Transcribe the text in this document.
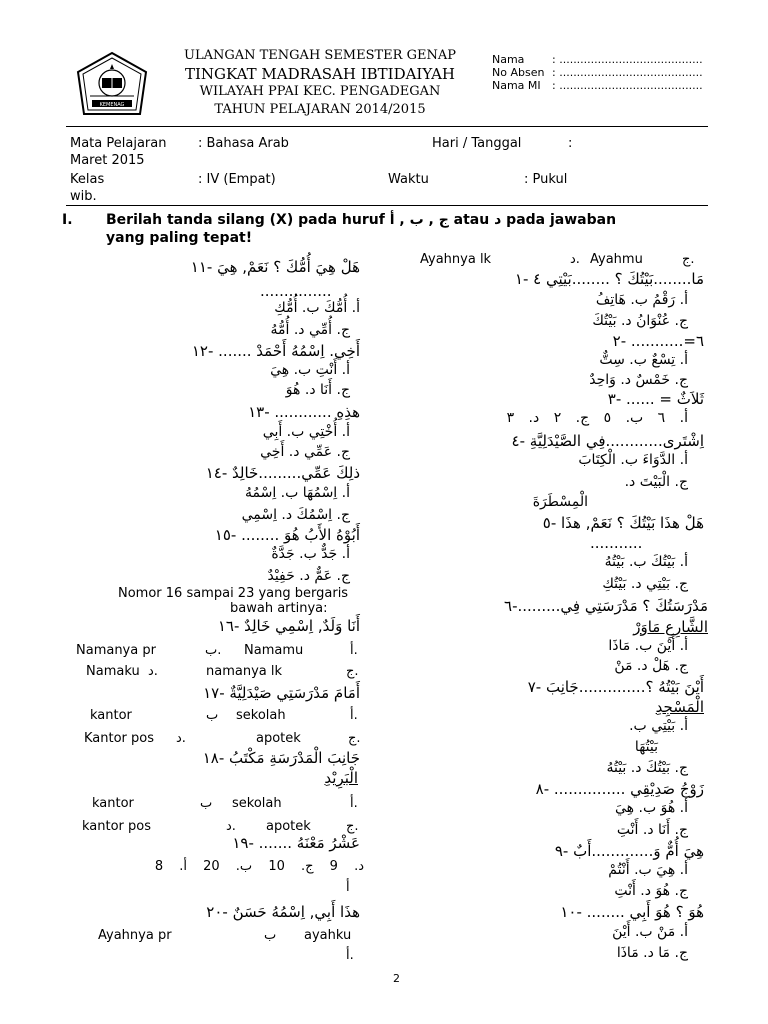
KEMENAG
ULANGAN TENGAH SEMESTER GENAP
TINGKAT MADRASAH IBTIDAIYAH
WILAYAH PPAI KEC. PENGADEGAN
TAHUN PELAJARAN 2014/2015
Nama	: .........................................
No Absen : .........................................
Nama MI : .........................................
Mata Pelajaran : Bahasa Arab	Hari / Tanggal	:
Maret 2015
Kelas	: IV (Empat)	Waktu	: Pukul
wib.
I. Berilah tanda silang (X) pada huruf ج , ب , أ atau د pada jawaban
yang paling tepat!
هَلْ هِيَ أُمُّكَ ؟ نَعَمْ, هِيَ -١١
...............
أ. أُمُّكَ ب. أُمُّكِ
ج. أُمِّي د. أُمُّهُ
أَخِي. اِسْمُهُ أَحْمَدْ ....... -١٢
أ. أَنْتِ ب. هِيَ
ج. أَنَا د. هُوَ
هذِهِ ............ -١٣
أ. أُخْتِي ب. أَبِي
ج. عَمِّي د. أَخِي
ذلِكَ عَمِّي.........خَالِدٌ -١٤
أ. اِسْمُهَا ب. اِسْمُهُ
ج. اِسْمُكَ د. اِسْمِي
أَبُوْهُ الأَبُ هُوَ ........ -١٥
أ. جَدٌّ ب. جَدَّةٌ
ج. عَمٌّ د. حَفِيْدٌ
Nomor 16 sampai 23 yang bergaris
bawah artinya:
أَنَا وَلَدٌ, اِسْمِي خَالِدٌ -١٦
Namanya pr	ب. Namamu	أ.
Namaku د.	namanya lk	ج.
أَمَامَ مَدْرَسَتِي صَيْدَلِيَّةٌ -١٧
kantor	ب sekolah	أ.
Kantor pos د.	apotek	ج.
جَانِبَ الْمَدْرَسَةِ مَكْتَبُ -١٨
الْبَرِيْدِ
kantor	ب sekolah	أ.
kantor pos	د. apotek	ج.
عَشْرُ مَعْنَهُ ....... -١٩
د. 9 ج. 10 ب. 20 أ. 8
أ
هذَا أَبِي, اِسْمُهُ حَسَنٌ -٢٠
Ayahnya pr	ب ayahku
أ.
Ayahnya lk	د. Ayahmu	ج.
مَا........بَيْتُكَ ؟ ........بَيْتِي ٤ -١
أ. رَقْمُ ب. هَاتِفُ
ج. عُنْوَانُ د. بَيْتُكَ
٦=........... -٢
أ. تِسْعٌ ب. سِتٌّ
ج. خَمْسٌ د. وَاحِدٌ
ثَلاَثٌ = ...... -٣
أ. ٦ ب. ٥ ج. ٢ د. ٣
اِشْتَرى............فِي الصَّيْدَلِيَّةِ -٤
أ. الدَّوَاءَ ب. الْكِتَابَ
ج. الْبَيْتَ د.
الْمِسْطَرَةَ
هَلْ هذَا بَيْتُكَ ؟ نَعَمْ, هذَا -٥
...........
أ. بَيْتُكَ ب. بَيْتُهُ
ج. بَيْتِي د. بَيْتُكِ
مَدْرَسَتُكَ ؟ مَدْرَسَتِي فِي.........-٦
الشَّارِعِ مَاوَرْ
أ. أَيْنَ ب. مَاذَا
ج. هَلْ د. مَنْ
أَيْنَ بَيْتُهُ ؟..............جَانِبَ -٧
الْمَسْجِدِ
أ. بَيْتِي ب.
بَيْتُهَا
ج. بَيْتُكَ د. بَيْتُهُ
زَوْجُ صَدِيْقِي ............... -٨
أ. هُوَ ب. هِيَ
ج. أَنَا د. أَنْتِ
هِيَ أُمٌّ وَ.............أَبٌ -٩
أ. هِيَ ب. أَنْتُمْ
ج. هُوَ د. أَنْتِ
هُوَ ؟ هُوَ أَبِي ........ -١٠
أ. مَنْ ب. أَيْنَ
ج. مَا د. مَاذَا
2
